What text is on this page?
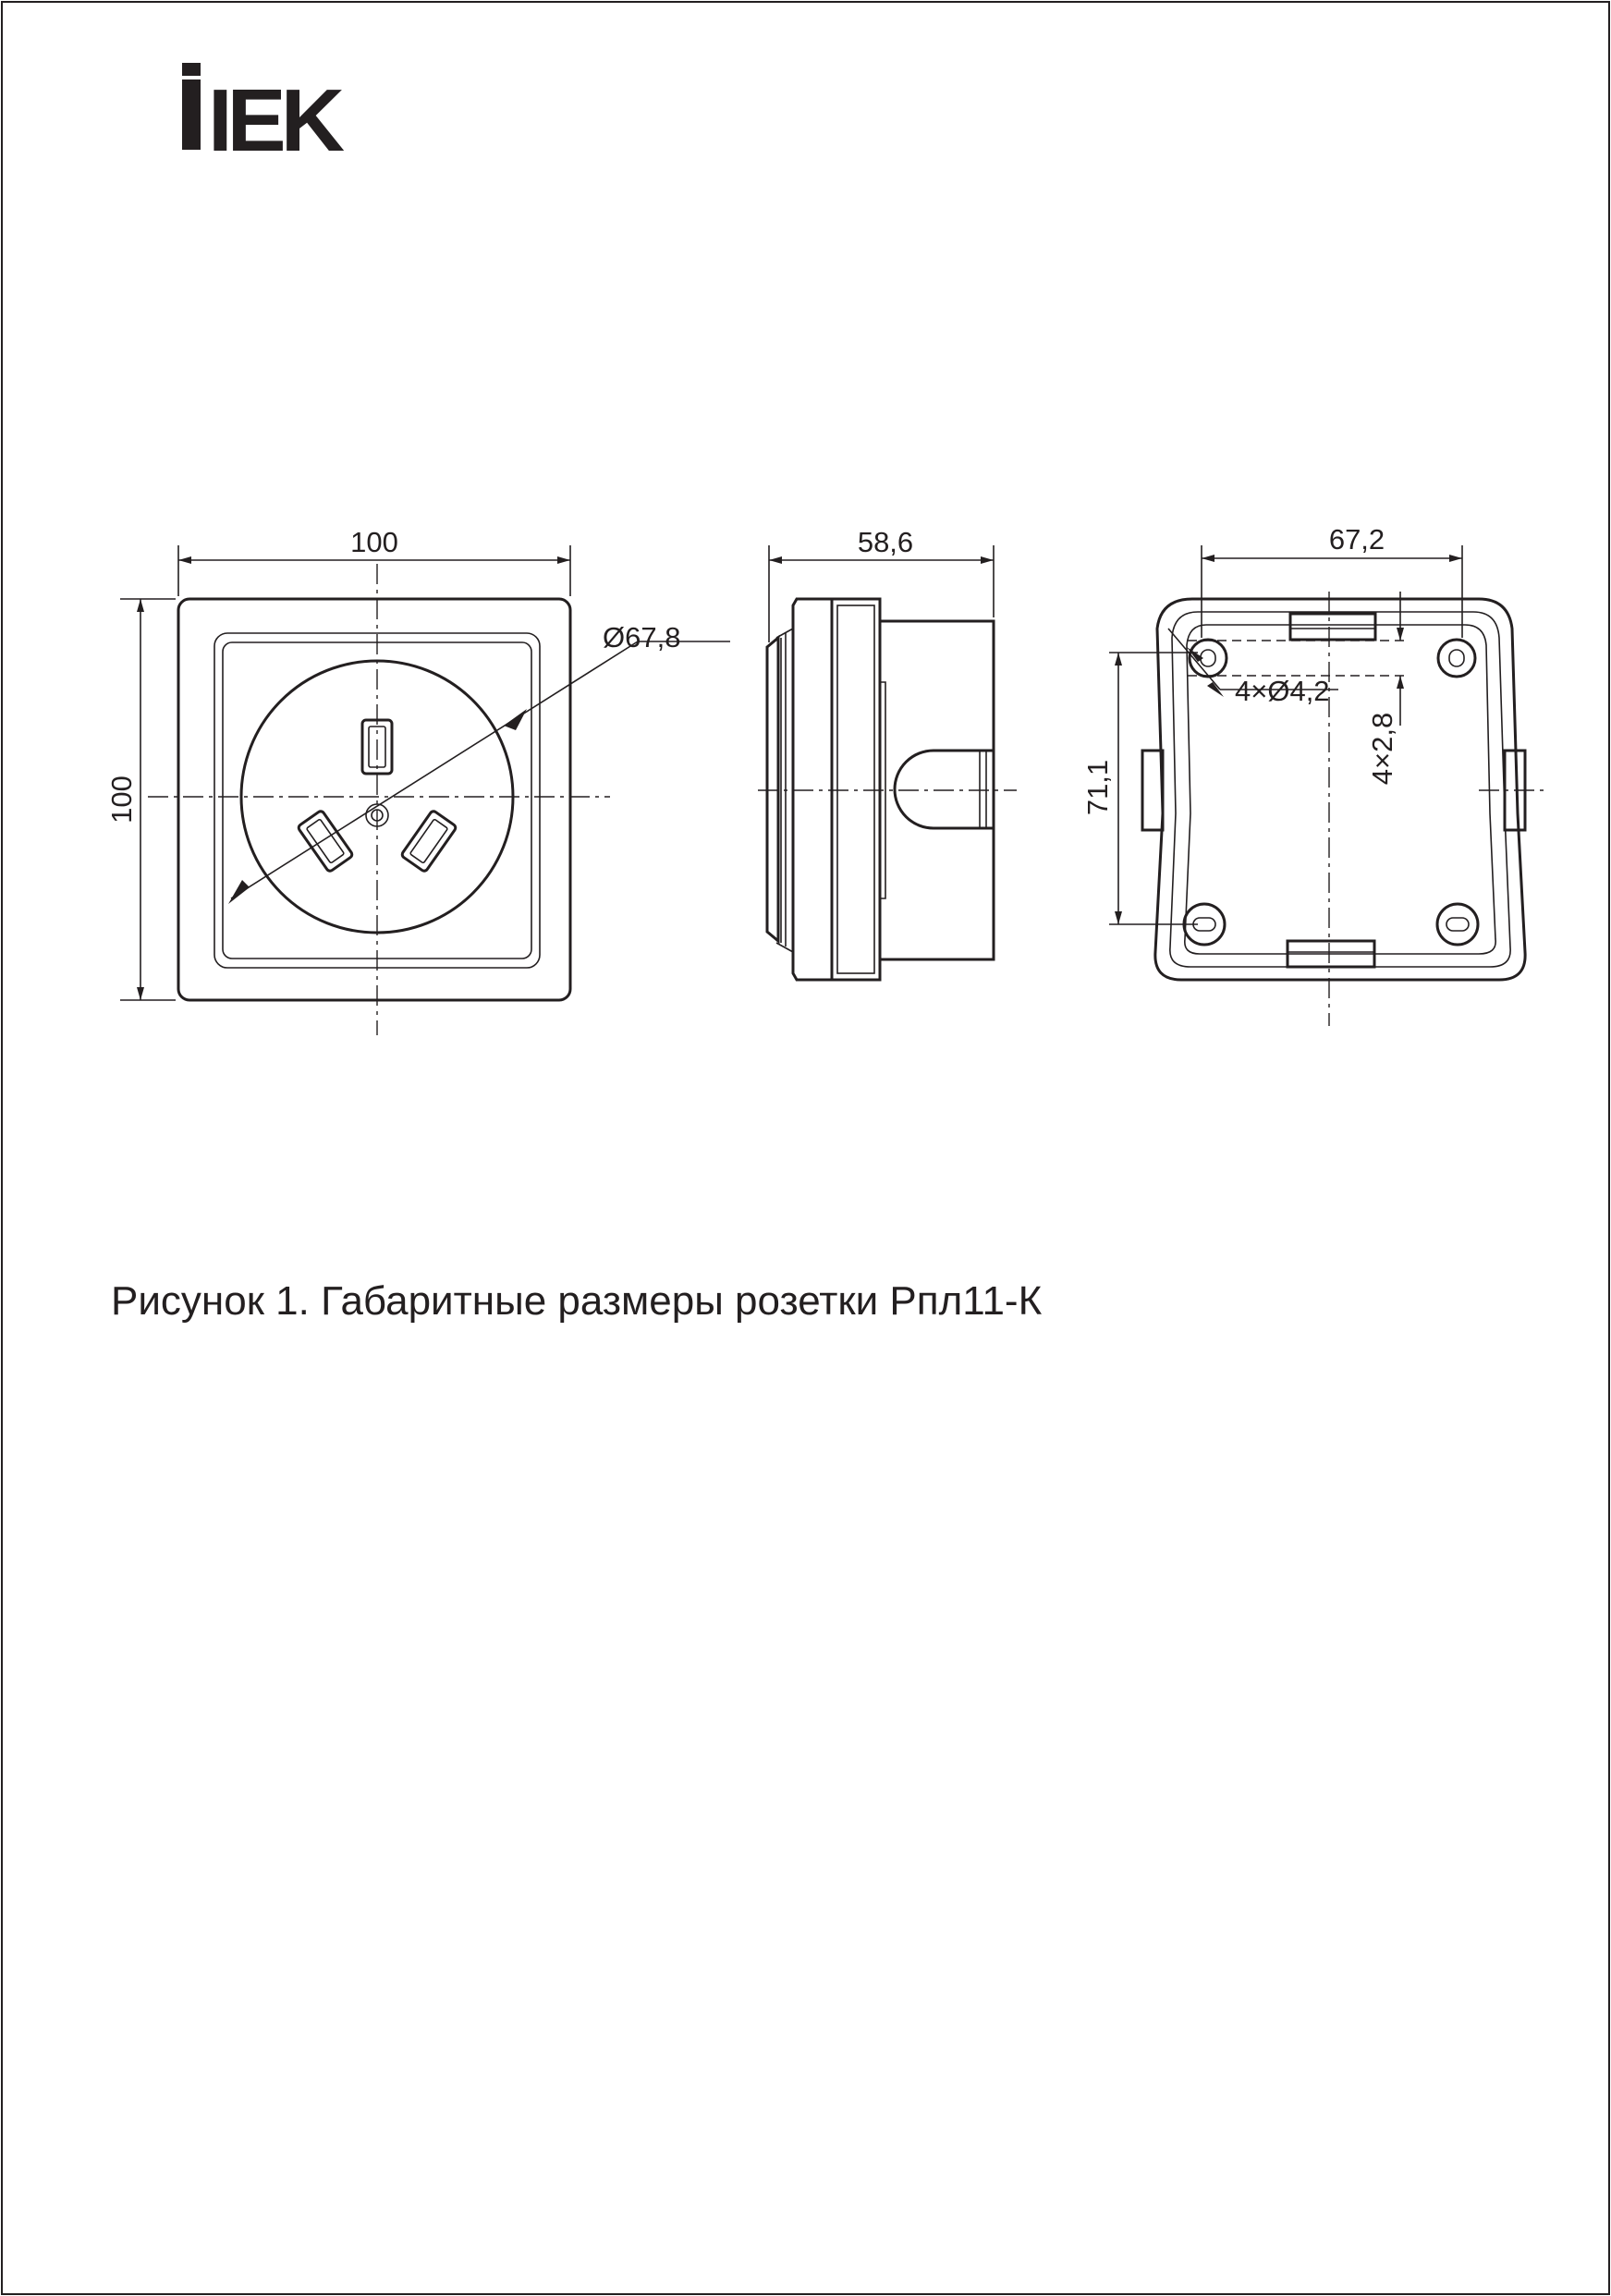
IEK
100
100
Ø67,8
58,6	67,2
71,1
4×Ø4,2
4×2,8
Рисунок 1. Габаритные размеры розетки Рпл11-К
